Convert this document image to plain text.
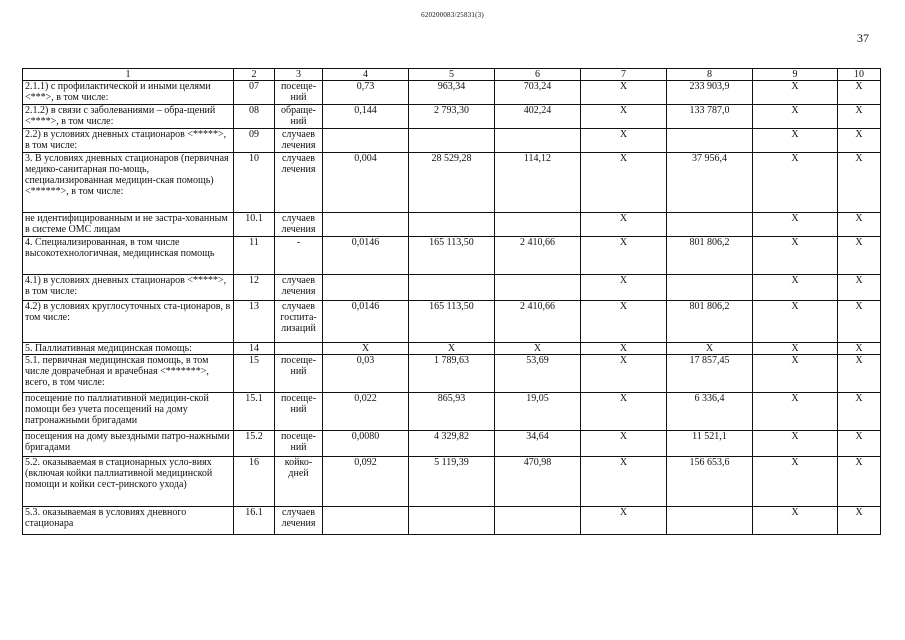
620200083/25831(3)
37
1	2	3	4	5	6	7	8	9	10
2.1.1) с профилактической и иными целями <***>, в том числе:	07	посеще-ний	0,73	963,34	703,24	X	233 903,9	X	X
2.1.2) в связи с заболеваниями – обра-щений <****>, в том числе:	08	обраще-ний	0,144	2 793,30	402,24	X	133 787,0	X	X
2.2) в условиях дневных стационаров <*****>, в том числе:	09	случаев лечения				X		X	X
3. В условиях дневных стационаров (первичная медико-санитарная по-мощь, специализированная медицин-ская помощь) <******>, в том числе:	10	случаев лечения	0,004	28 529,28	114,12	X	37 956,4	X	X
не идентифицированным и не застра-хованным в системе ОМС лицам	10.1	случаев лечения				X		X	X
4. Специализированная, в том числе высокотехнологичная, медицинская помощь	11	-	0,0146	165 113,50	2 410,66	X	801 806,2	X	X
4.1) в условиях дневных стационаров <*****>, в том числе:	12	случаев лечения				X		X	X
4.2) в условиях круглосуточных ста-ционаров, в том числе:	13	случаев госпита-лизаций	0,0146	165 113,50	2 410,66	X	801 806,2	X	X
5. Паллиативная медицинская помощь:	14		X	X	X	X	X	X	X
5.1. первичная медицинская помощь, в том числе доврачебная и врачебная <*******>, всего, в том числе:	15	посеще-ний	0,03	1 789,63	53,69	X	17 857,45	X	X
посещение по паллиативной медицин-ской помощи без учета посещений на дому патронажными бригадами	15.1	посеще-ний	0,022	865,93	19,05	X	6 336,4	X	X
посещения на дому выездными патро-нажными бригадами	15.2	посеще-ний	0,0080	4 329,82	34,64	X	11 521,1	X	X
5.2. оказываемая в стационарных усло-виях (включая койки паллиативной медицинской помощи и койки сест-ринского ухода)	16	койко-дней	0,092	5 119,39	470,98	X	156 653,6	X	X
5.3. оказываемая в условиях дневного стационара	16.1	случаев лечения				X		X	X
